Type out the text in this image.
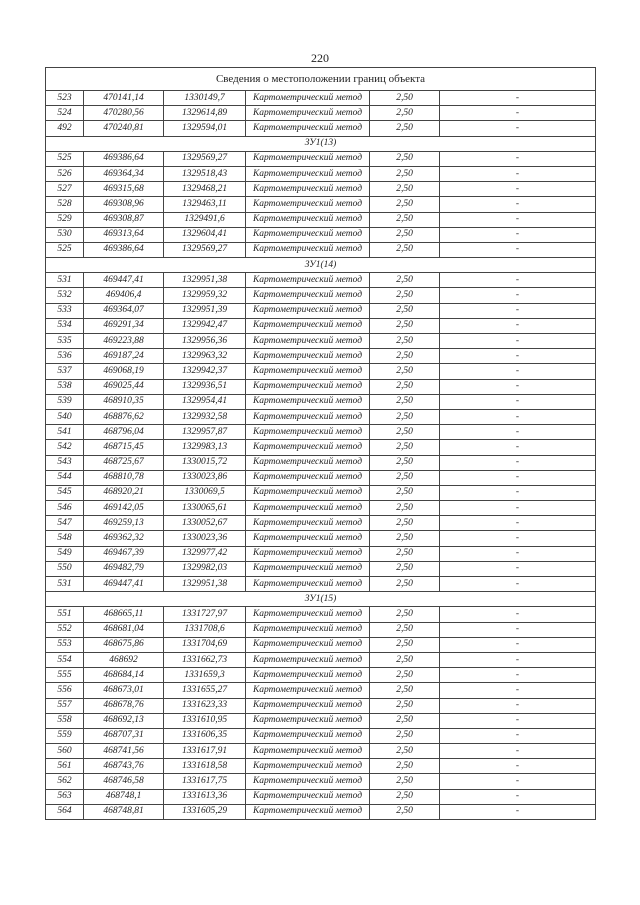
220
Сведения о местоположении границ объекта					
523	470141,14	1330149,7	Картометрический метод	2,50	-
524	470280,56	1329614,89	Картометрический метод	2,50	-
492	470240,81	1329594,01	Картометрический метод	2,50	-
ЗУ1(13)					
525	469386,64	1329569,27	Картометрический метод	2,50	-
526	469364,34	1329518,43	Картометрический метод	2,50	-
527	469315,68	1329468,21	Картометрический метод	2,50	-
528	469308,96	1329463,11	Картометрический метод	2,50	-
529	469308,87	1329491,6	Картометрический метод	2,50	-
530	469313,64	1329604,41	Картометрический метод	2,50	-
525	469386,64	1329569,27	Картометрический метод	2,50	-
ЗУ1(14)					
531	469447,41	1329951,38	Картометрический метод	2,50	-
532	469406,4	1329959,32	Картометрический метод	2,50	-
533	469364,07	1329951,39	Картометрический метод	2,50	-
534	469291,34	1329942,47	Картометрический метод	2,50	-
535	469223,88	1329956,36	Картометрический метод	2,50	-
536	469187,24	1329963,32	Картометрический метод	2,50	-
537	469068,19	1329942,37	Картометрический метод	2,50	-
538	469025,44	1329936,51	Картометрический метод	2,50	-
539	468910,35	1329954,41	Картометрический метод	2,50	-
540	468876,62	1329932,58	Картометрический метод	2,50	-
541	468796,04	1329957,87	Картометрический метод	2,50	-
542	468715,45	1329983,13	Картометрический метод	2,50	-
543	468725,67	1330015,72	Картометрический метод	2,50	-
544	468810,78	1330023,86	Картометрический метод	2,50	-
545	468920,21	1330069,5	Картометрический метод	2,50	-
546	469142,05	1330065,61	Картометрический метод	2,50	-
547	469259,13	1330052,67	Картометрический метод	2,50	-
548	469362,32	1330023,36	Картометрический метод	2,50	-
549	469467,39	1329977,42	Картометрический метод	2,50	-
550	469482,79	1329982,03	Картометрический метод	2,50	-
531	469447,41	1329951,38	Картометрический метод	2,50	-
ЗУ1(15)					
551	468665,11	1331727,97	Картометрический метод	2,50	-
552	468681,04	1331708,6	Картометрический метод	2,50	-
553	468675,86	1331704,69	Картометрический метод	2,50	-
554	468692	1331662,73	Картометрический метод	2,50	-
555	468684,14	1331659,3	Картометрический метод	2,50	-
556	468673,01	1331655,27	Картометрический метод	2,50	-
557	468678,76	1331623,33	Картометрический метод	2,50	-
558	468692,13	1331610,95	Картометрический метод	2,50	-
559	468707,31	1331606,35	Картометрический метод	2,50	-
560	468741,56	1331617,91	Картометрический метод	2,50	-
561	468743,76	1331618,58	Картометрический метод	2,50	-
562	468746,58	1331617,75	Картометрический метод	2,50	-
563	468748,1	1331613,36	Картометрический метод	2,50	-
564	468748,81	1331605,29	Картометрический метод	2,50	-
